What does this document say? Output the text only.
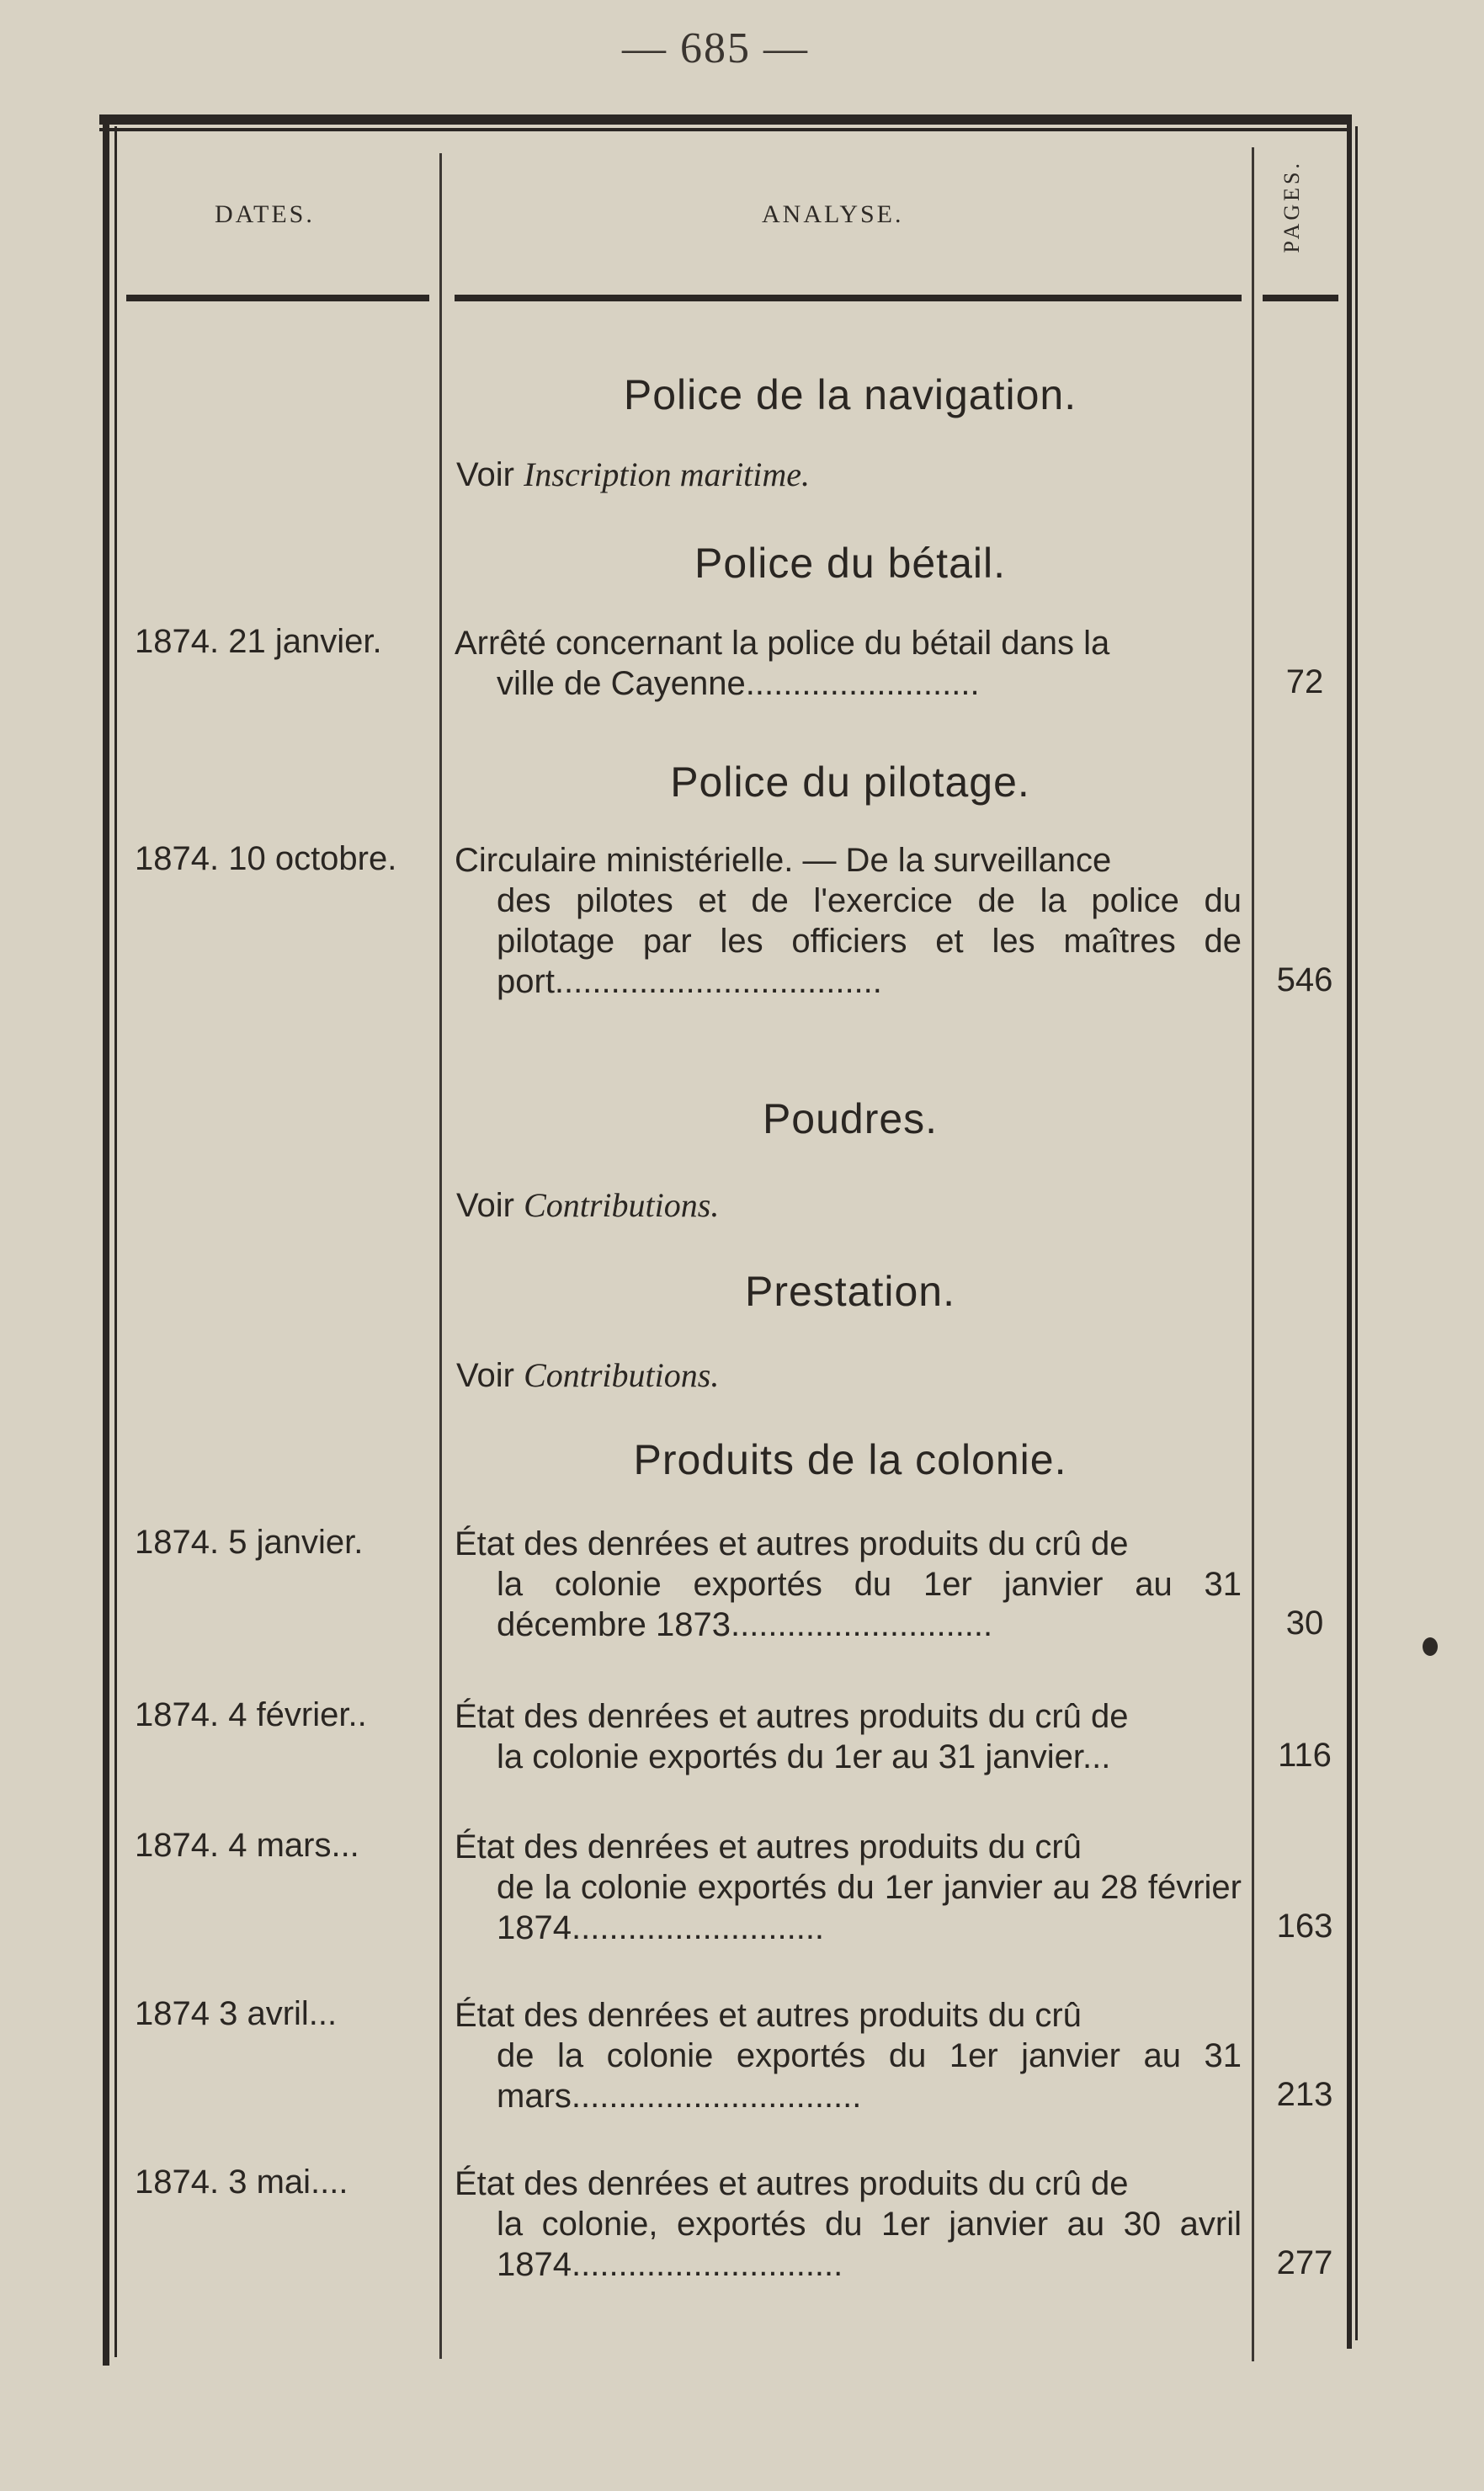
— 685 —
DATES.	ANALYSE.	PAGES.
Police de la navigation.
Voir Inscription maritime.
Police du bétail.
1874. 21 janvier. Arrêté concernant la police du bétail dans la
ville de Cayenne.........................	72
Police du pilotage.
1874. 10 octobre. Circulaire ministérielle. — De la surveillance
des pilotes et de l'exercice de la police du pilotage par les officiers et les maîtres de port...................................	546
Poudres.
Voir Contributions.
Prestation.
Voir Contributions.
Produits de la colonie.
1874. 5 janvier.	État des denrées et autres produits du crû de
la colonie exportés du 1er janvier au 31 décembre 1873............................	30
1874. 4 février..	État des denrées et autres produits du crû de
la colonie exportés du 1er au 31 janvier...	116
1874. 4 mars...	État des denrées et autres produits du crû
de la colonie exportés du 1er janvier au 28 février 1874...........................	163
1874 3 avril...	État des denrées et autres produits du crû
de la colonie exportés du 1er janvier au 31 mars...............................	213
1874. 3 mai....	État des denrées et autres produits du crû de
la colonie, exportés du 1er janvier au 30 avril 1874.............................	277
